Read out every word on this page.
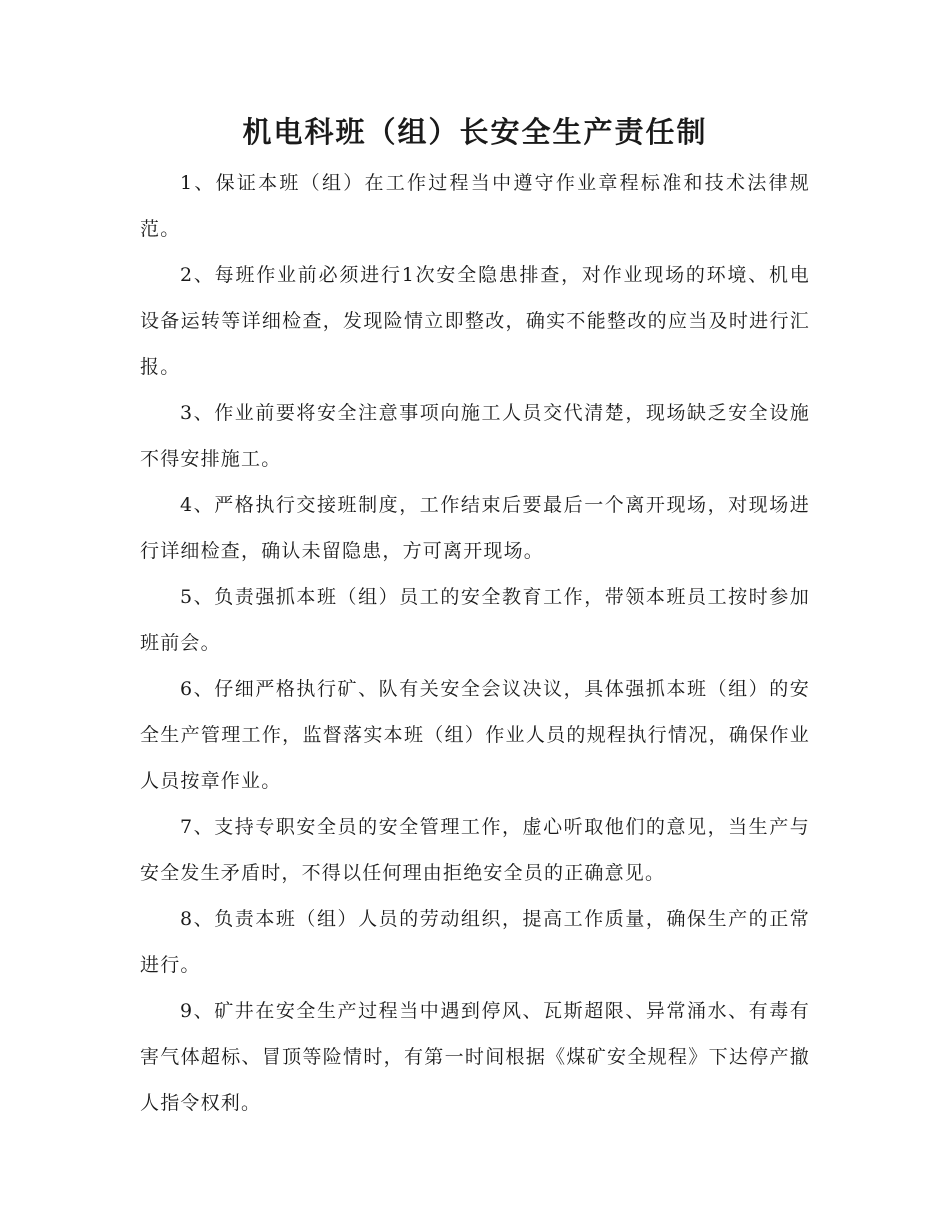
机电科班（组）长安全生产责任制

1、保证本班（组）在工作过程当中遵守作业章程标准和技术法律规范。

2、每班作业前必须进行1次安全隐患排查，对作业现场的环境、机电设备运转等详细检查，发现险情立即整改，确实不能整改的应当及时进行汇报。

3、作业前要将安全注意事项向施工人员交代清楚，现场缺乏安全设施不得安排施工。

4、严格执行交接班制度，工作结束后要最后一个离开现场，对现场进行详细检查，确认未留隐患，方可离开现场。

5、负责强抓本班（组）员工的安全教育工作，带领本班员工按时参加班前会。

6、仔细严格执行矿、队有关安全会议决议，具体强抓本班（组）的安全生产管理工作，监督落实本班（组）作业人员的规程执行情况，确保作业人员按章作业。

7、支持专职安全员的安全管理工作，虚心听取他们的意见，当生产与安全发生矛盾时，不得以任何理由拒绝安全员的正确意见。

8、负责本班（组）人员的劳动组织，提高工作质量，确保生产的正常进行。

9、矿井在安全生产过程当中遇到停风、瓦斯超限、异常涌水、有毒有害气体超标、冒顶等险情时，有第一时间根据《煤矿安全规程》下达停产撤人指令权利。
